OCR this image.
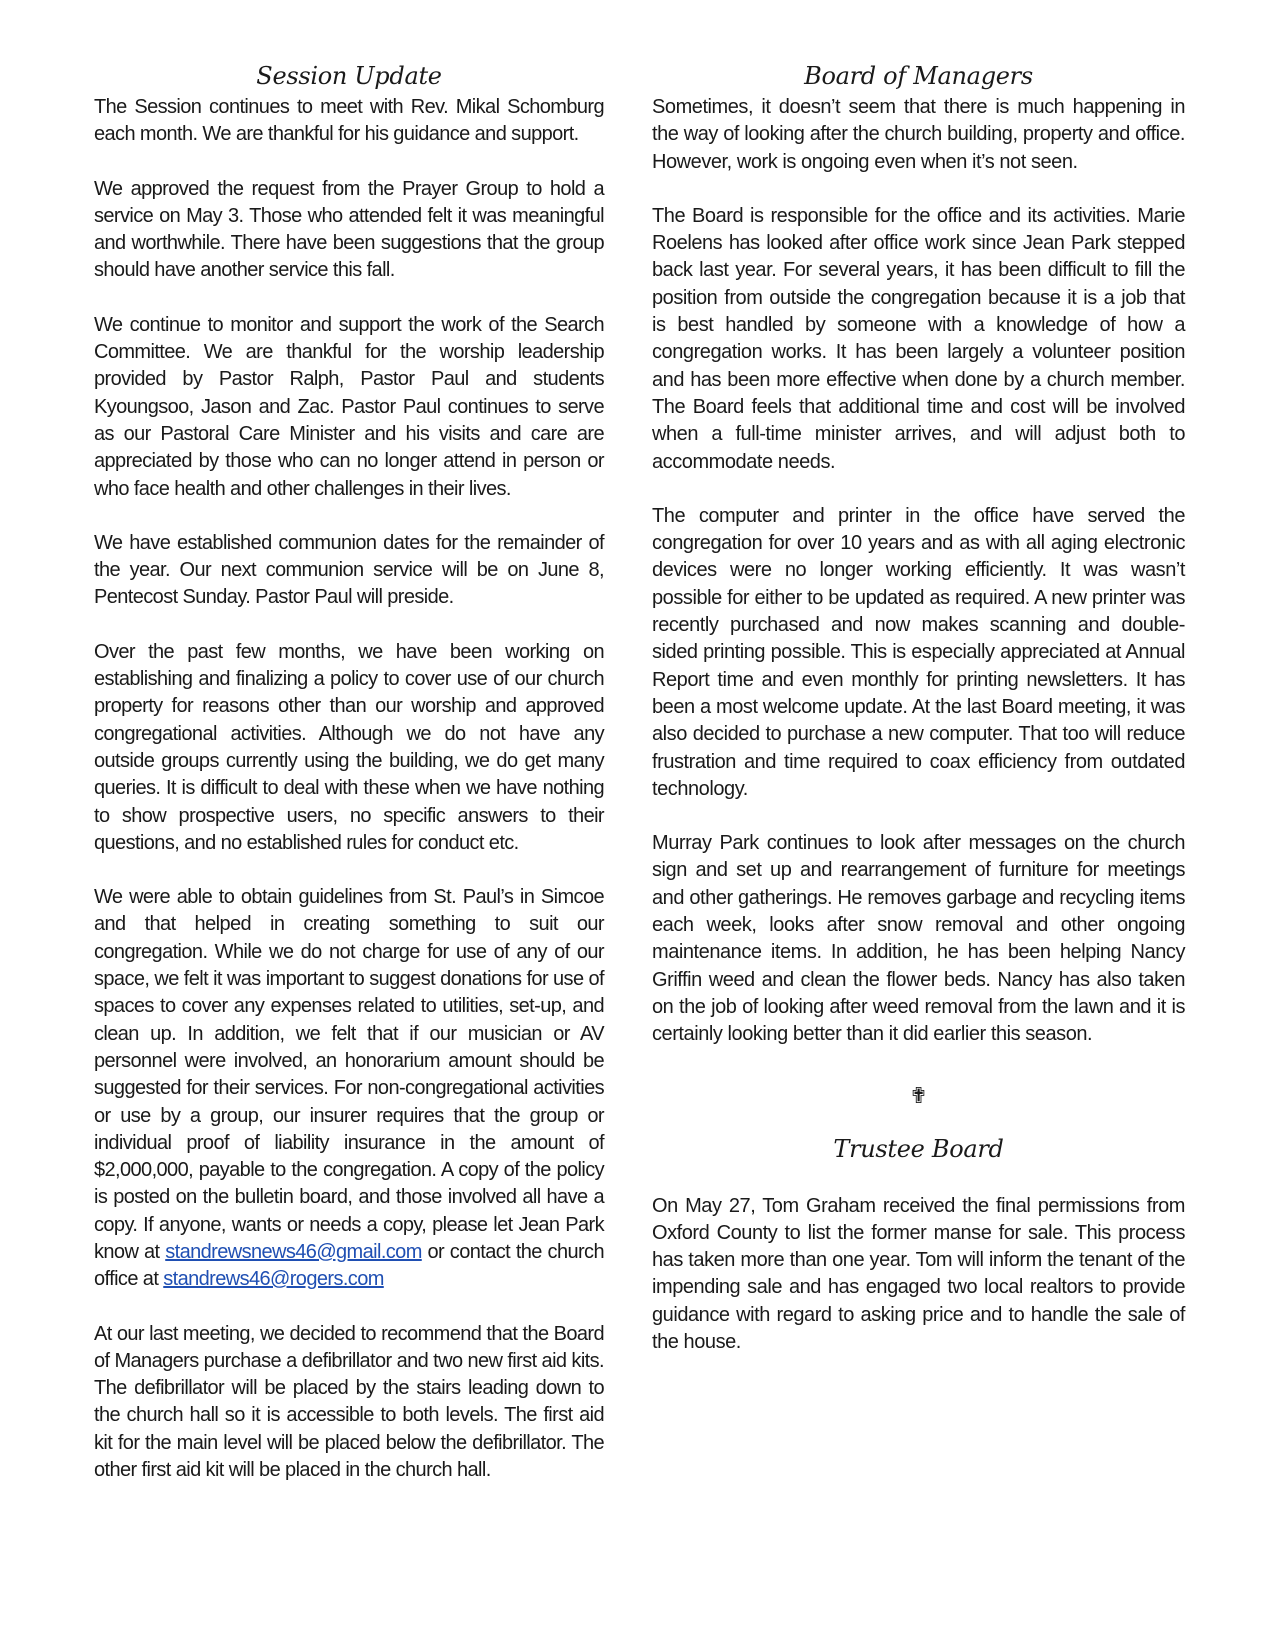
Session Update

The Session continues to meet with Rev. Mikal Schomburg each month. We are thankful for his guidance and support.

We approved the request from the Prayer Group to hold a service on May 3. Those who attended felt it was meaningful and worthwhile. There have been suggestions that the group should have another service this fall.

We continue to monitor and support the work of the Search Committee. We are thankful for the worship leadership provided by Pastor Ralph, Pastor Paul and students Kyoungsoo, Jason and Zac. Pastor Paul continues to serve as our Pastoral Care Minister and his visits and care are appreciated by those who can no longer attend in person or who face health and other challenges in their lives.

We have established communion dates for the remainder of the year. Our next communion service will be on June 8, Pentecost Sunday. Pastor Paul will preside.

Over the past few months, we have been working on establishing and finalizing a policy to cover use of our church property for reasons other than our worship and approved congregational activities. Although we do not have any outside groups currently using the building, we do get many queries. It is difficult to deal with these when we have nothing to show prospective users, no specific answers to their questions, and no established rules for conduct etc.

We were able to obtain guidelines from St. Paul’s in Simcoe and that helped in creating something to suit our congregation. While we do not charge for use of any of our space, we felt it was important to suggest donations for use of spaces to cover any expenses related to utilities, set-up, and clean up. In addition, we felt that if our musician or AV personnel were involved, an honorarium amount should be suggested for their services. For non-congregational activities or use by a group, our insurer requires that the group or individual proof of liability insurance in the amount of $2,000,000, payable to the congregation. A copy of the policy is posted on the bulletin board, and those involved all have a copy. If anyone, wants or needs a copy, please let Jean Park know at standrewsnews46@gmail.com or contact the church office at standrews46@rogers.com

At our last meeting, we decided to recommend that the Board of Managers purchase a defibrillator and two new first aid kits. The defibrillator will be placed by the stairs leading down to the church hall so it is accessible to both levels. The first aid kit for the main level will be placed below the defibrillator. The other first aid kit will be placed in the church hall.

Board of Managers

Sometimes, it doesn’t seem that there is much happening in the way of looking after the church building, property and office. However, work is ongoing even when it’s not seen.

The Board is responsible for the office and its activities. Marie Roelens has looked after office work since Jean Park stepped back last year. For several years, it has been difficult to fill the position from outside the congregation because it is a job that is best handled by someone with a knowledge of how a congregation works. It has been largely a volunteer position and has been more effective when done by a church member. The Board feels that additional time and cost will be involved when a full-time minister arrives, and will adjust both to accommodate needs.

The computer and printer in the office have served the congregation for over 10 years and as with all aging electronic devices were no longer working efficiently. It was wasn’t possible for either to be updated as required. A new printer was recently purchased and now makes scanning and double-sided printing possible. This is especially appreciated at Annual Report time and even monthly for printing newsletters. It has been a most welcome update. At the last Board meeting, it was also decided to purchase a new computer. That too will reduce frustration and time required to coax efficiency from outdated technology.

Murray Park continues to look after messages on the church sign and set up and rearrangement of furniture for meetings and other gatherings. He removes garbage and recycling items each week, looks after snow removal and other ongoing maintenance items. In addition, he has been helping Nancy Griffin weed and clean the flower beds. Nancy has also taken on the job of looking after weed removal from the lawn and it is certainly looking better than it did earlier this season.

✟
Trustee Board

On May 27, Tom Graham received the final permissions from Oxford County to list the former manse for sale. This process has taken more than one year. Tom will inform the tenant of the impending sale and has engaged two local realtors to provide guidance with regard to asking price and to handle the sale of the house.
